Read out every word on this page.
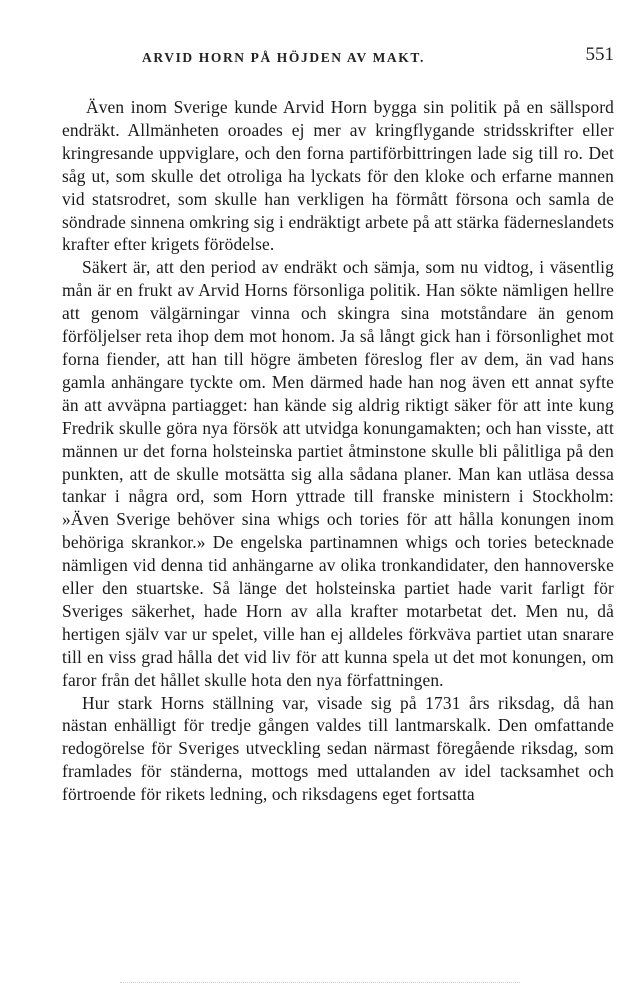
ARVID HORN PÅ HÖJDEN AV MAKT.	551

Även inom Sverige kunde Arvid Horn bygga sin politik på en sällspord endräkt. Allmänheten oroades ej mer av kringflygande stridsskrifter eller kringresande uppviglare, och den forna partiförbittringen lade sig till ro. Det såg ut, som skulle det otroliga ha lyckats för den kloke och erfarne mannen vid statsrodret, som skulle han verkligen ha förmått försona och samla de söndrade sinnena omkring sig i endräktigt arbete på att stärka fäderneslandets krafter efter krigets förödelse.

Säkert är, att den period av endräkt och sämja, som nu vidtog, i väsentlig mån är en frukt av Arvid Horns försonliga politik. Han sökte nämligen hellre att genom välgärningar vinna och skingra sina motståndare än genom förföljelser reta ihop dem mot honom. Ja så långt gick han i försonlighet mot forna fiender, att han till högre ämbeten föreslog fler av dem, än vad hans gamla anhängare tyckte om. Men därmed hade han nog även ett annat syfte än att avväpna partiagget: han kände sig aldrig riktigt säker för att inte kung Fredrik skulle göra nya försök att utvidga konungamakten; och han visste, att männen ur det forna holsteinska partiet åtminstone skulle bli pålitliga på den punkten, att de skulle motsätta sig alla sådana planer. Man kan utläsa dessa tankar i några ord, som Horn yttrade till franske ministern i Stockholm: »Även Sverige behöver sina whigs och tories för att hålla konungen inom behöriga skrankor.» De engelska partinamnen whigs och tories betecknade nämligen vid denna tid anhängarne av olika tronkandidater, den hannoverske eller den stuartske. Så länge det holsteinska partiet hade varit farligt för Sveriges säkerhet, hade Horn av alla krafter motarbetat det. Men nu, då hertigen själv var ur spelet, ville han ej alldeles förkväva partiet utan snarare till en viss grad hålla det vid liv för att kunna spela ut det mot konungen, om faror från det hållet skulle hota den nya författningen.

Hur stark Horns ställning var, visade sig på 1731 års riksdag, då han nästan enhälligt för tredje gången valdes till lantmarskalk. Den omfattande redogörelse för Sveriges utveckling sedan närmast föregående riksdag, som framlades för ständerna, mottogs med uttalanden av idel tacksamhet och förtroende för rikets ledning, och riksdagens eget fortsatta
